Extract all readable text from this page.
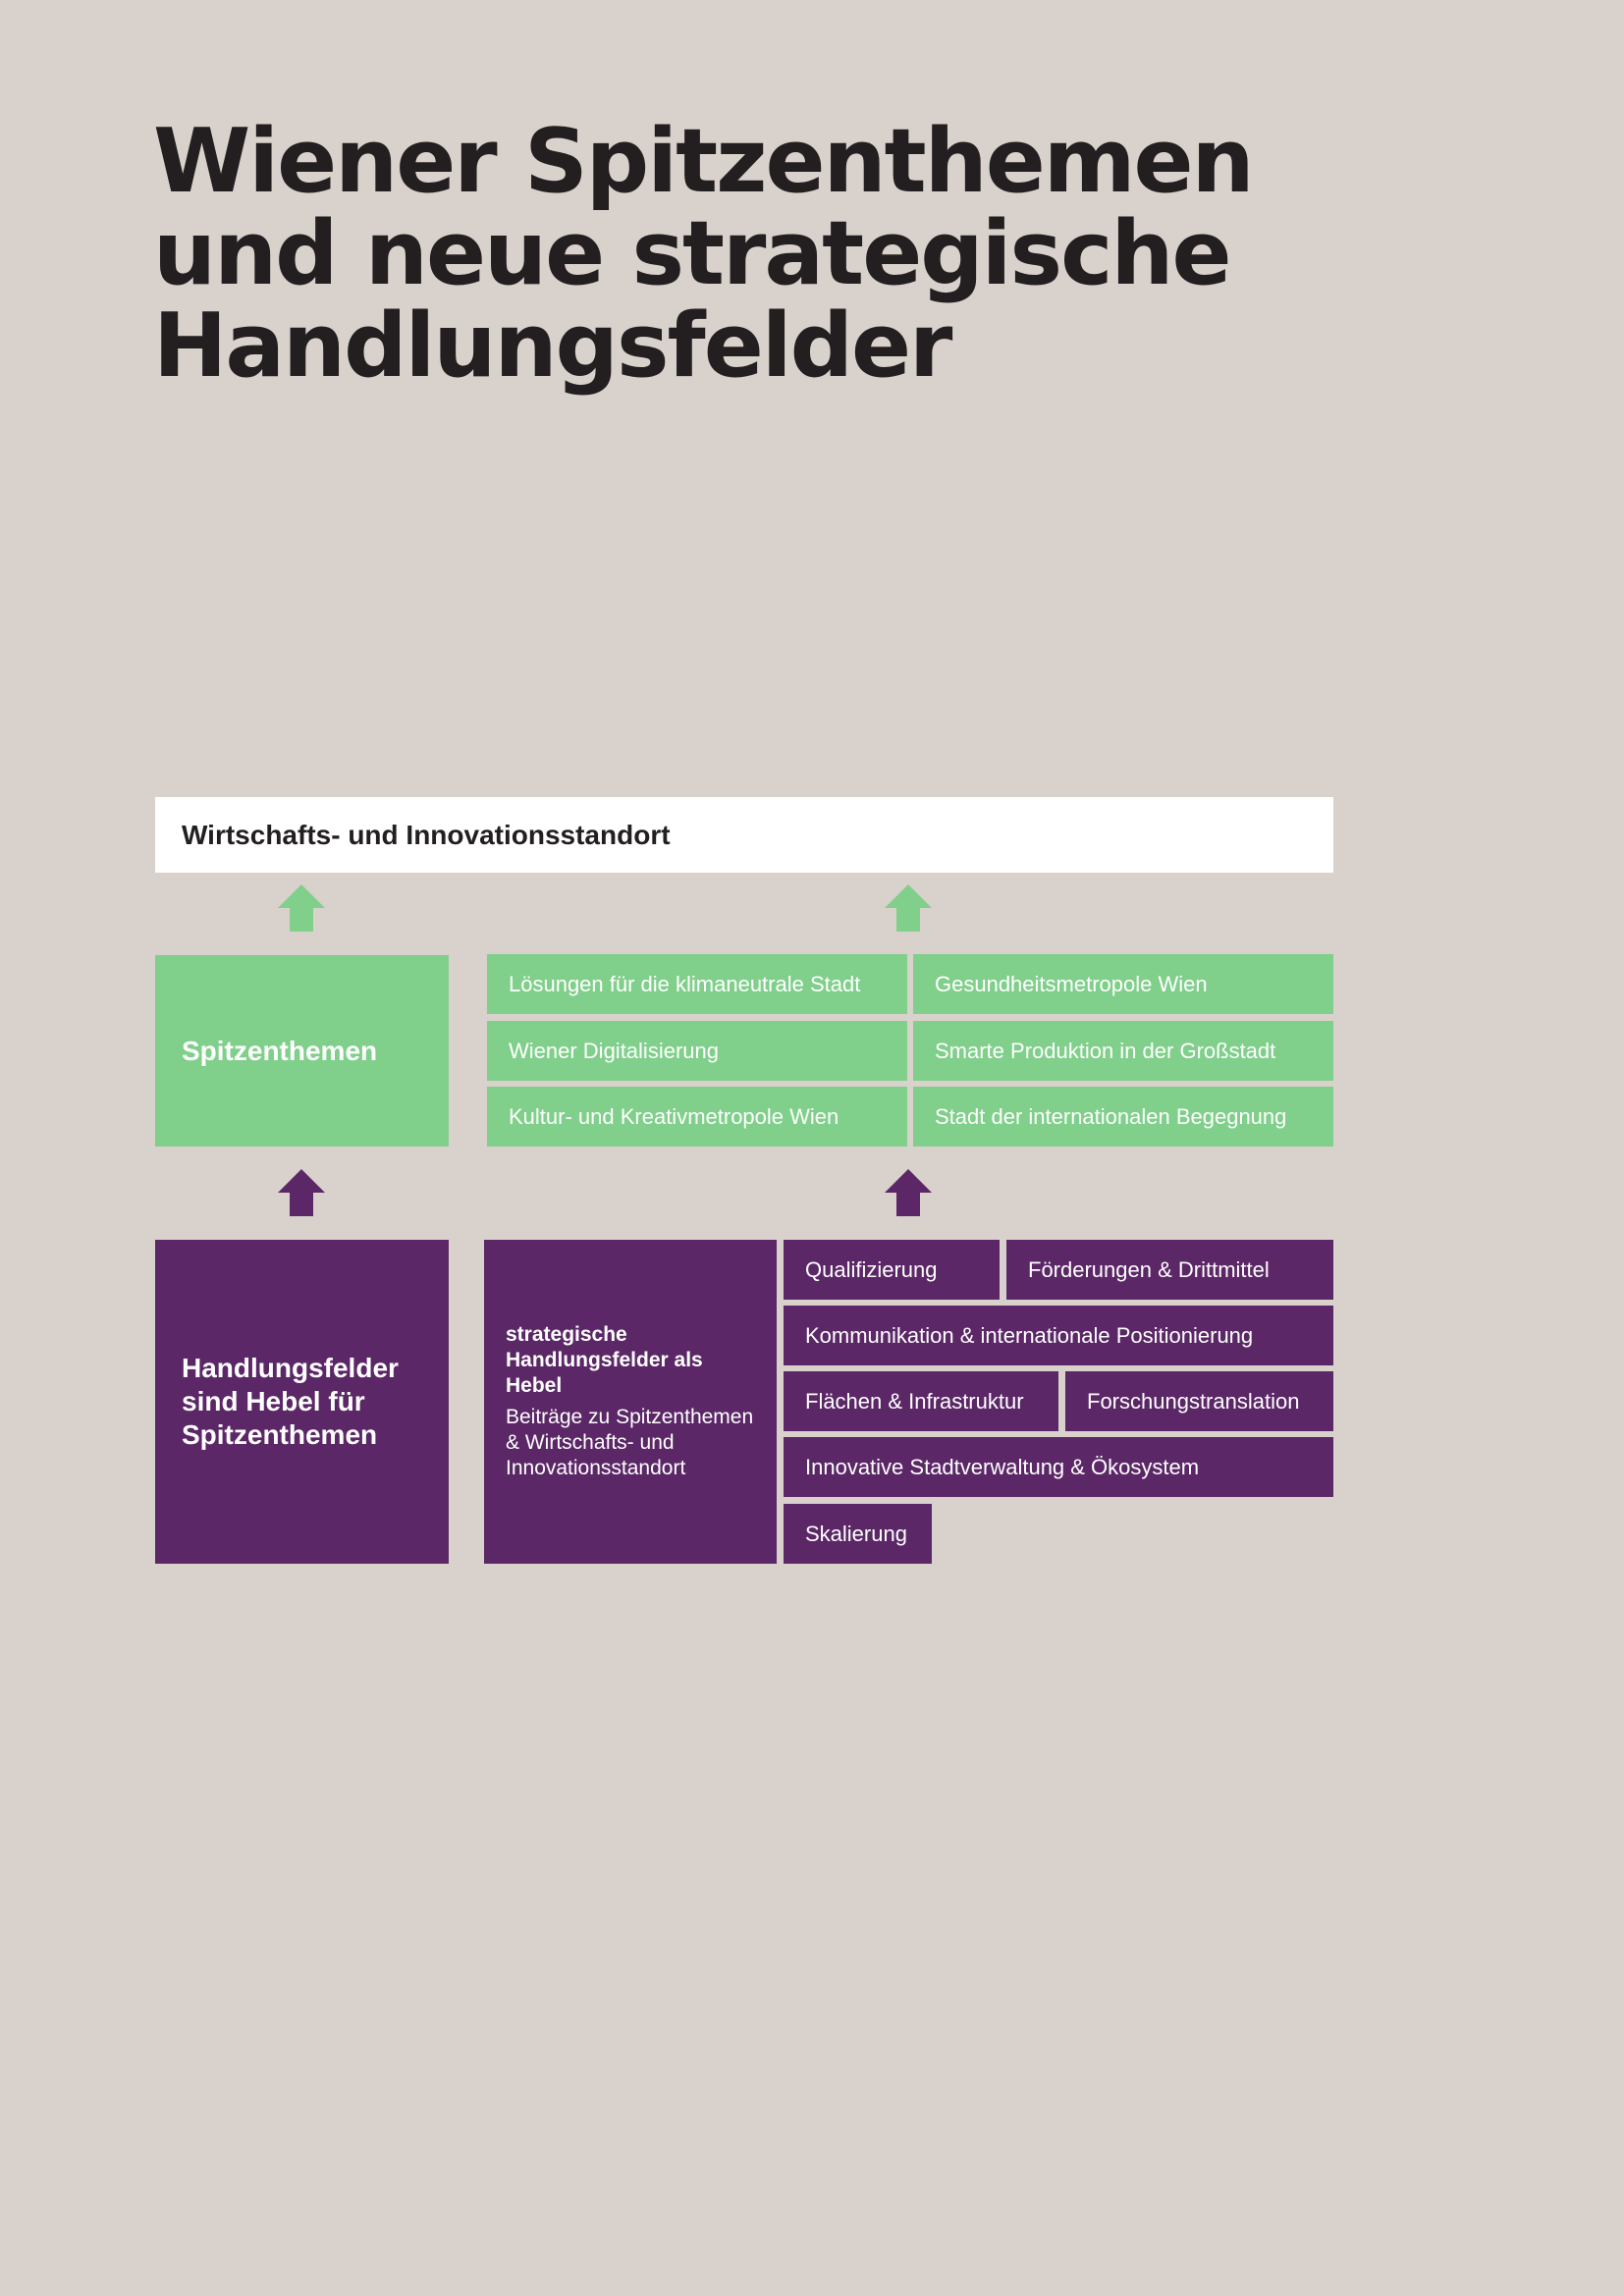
Wiener Spitzenthemen
und neue strategische
Handlungsfelder
Wirtschafts- und Innovationsstandort
Spitzenthemen
Lösungen für die klimaneutrale Stadt	Gesundheitsmetropole Wien
Wiener Digitalisierung	Smarte Produktion in der Großstadt
Kultur- und Kreativmetropole Wien	Stadt der internationalen Begegnung
Handlungsfelder sind Hebel für Spitzenthemen
strategische Handlungsfelder als Hebel
Beiträge zu Spitzenthemen & Wirtschafts- und Innovationsstandort
Qualifizierung	Förderungen & Drittmittel
Kommunikation & internationale Positionierung
Flächen & Infrastruktur	Forschungstranslation
Innovative Stadtverwaltung & Ökosystem
Skalierung
